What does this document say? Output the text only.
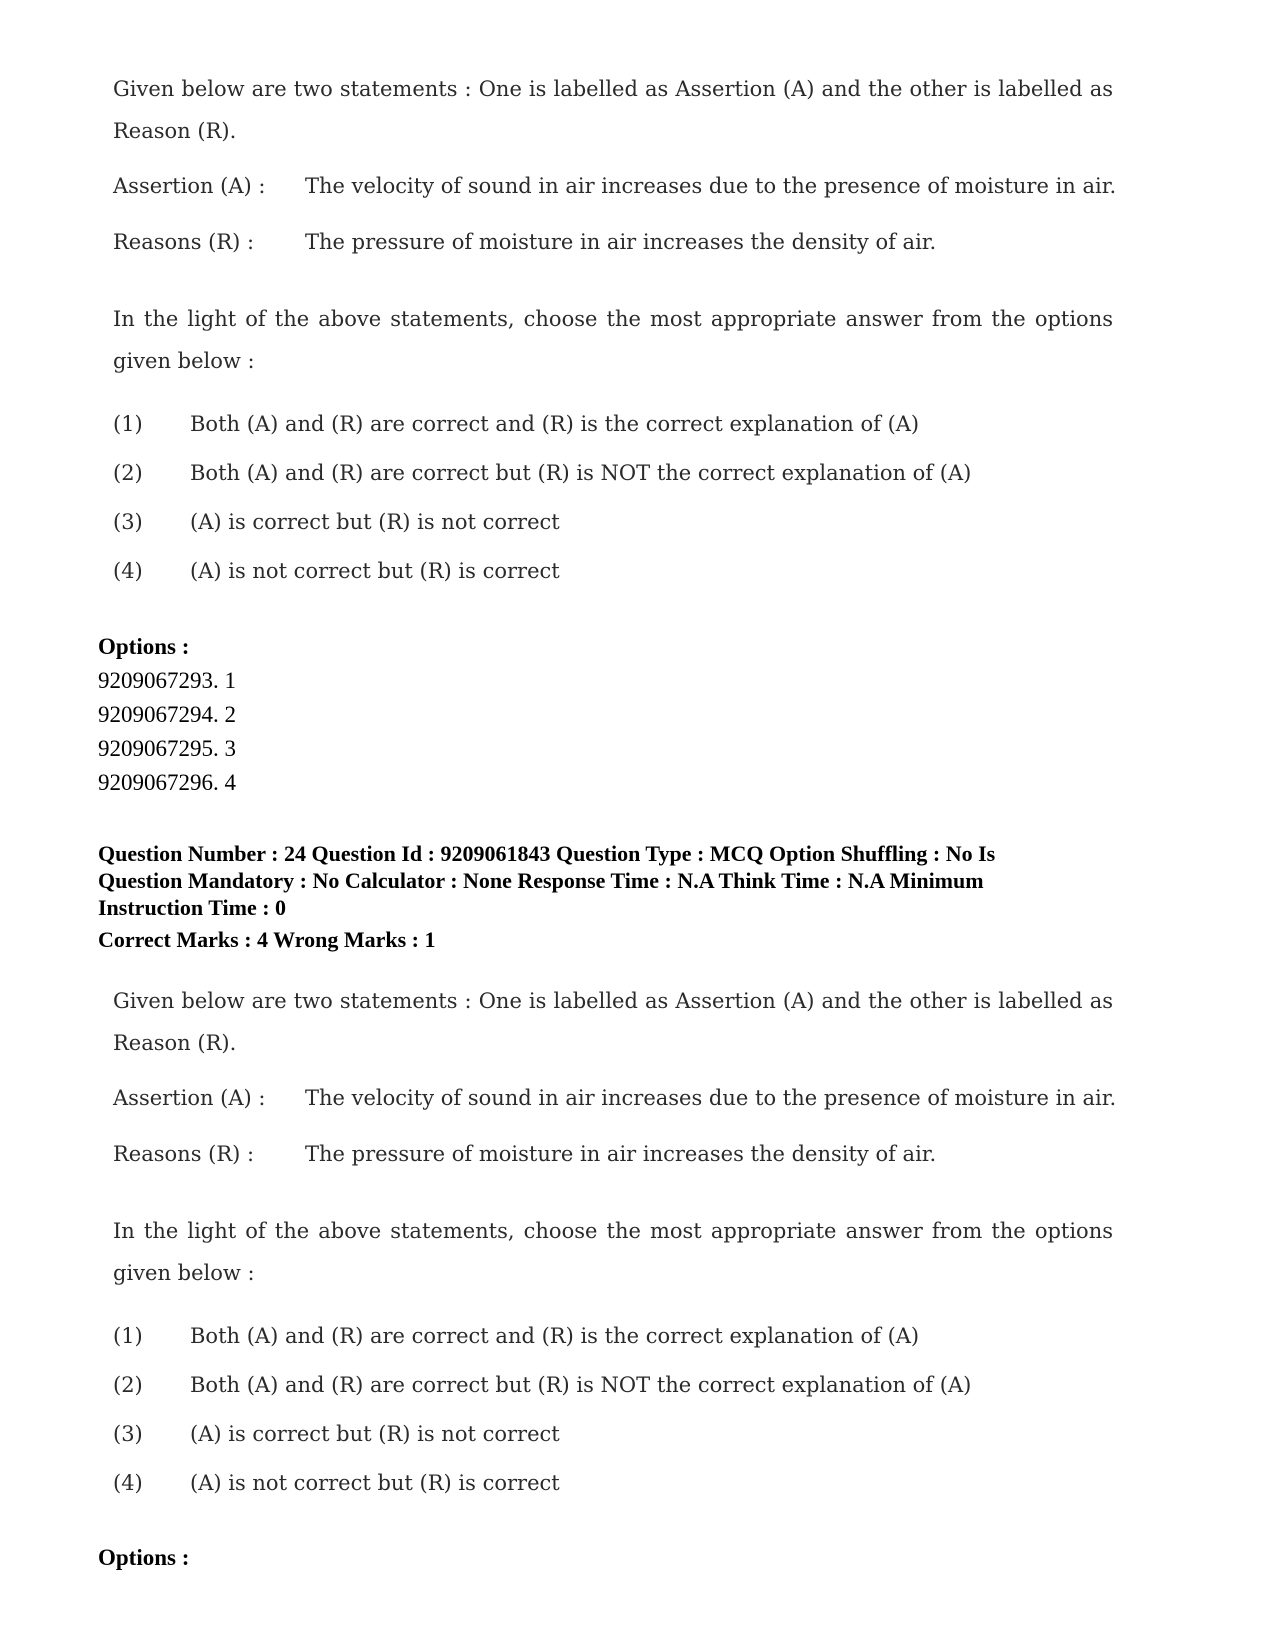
Given below are two statements : One is labelled as Assertion (A) and the other is labelled as Reason (R).

Assertion (A) : The velocity of sound in air increases due to the presence of moisture in air.
Reasons (R) : The pressure of moisture in air increases the density of air.

In the light of the above statements, choose the most appropriate answer from the options given below :

(1) Both (A) and (R) are correct and (R) is the correct explanation of (A)
(2) Both (A) and (R) are correct but (R) is NOT the correct explanation of (A)
(3) (A) is correct but (R) is not correct
(4) (A) is not correct but (R) is correct
Options :
9209067293. 1
9209067294. 2
9209067295. 3
9209067296. 4
Question Number : 24 Question Id : 9209061843 Question Type : MCQ Option Shuffling : No Is
Question Mandatory : No Calculator : None Response Time : N.A Think Time : N.A Minimum
Instruction Time : 0
Correct Marks : 4 Wrong Marks : 1

Given below are two statements : One is labelled as Assertion (A) and the other is labelled as Reason (R).

Assertion (A) : The velocity of sound in air increases due to the presence of moisture in air.
Reasons (R) : The pressure of moisture in air increases the density of air.

In the light of the above statements, choose the most appropriate answer from the options given below :

(1) Both (A) and (R) are correct and (R) is the correct explanation of (A)
(2) Both (A) and (R) are correct but (R) is NOT the correct explanation of (A)
(3) (A) is correct but (R) is not correct
(4) (A) is not correct but (R) is correct
Options :
